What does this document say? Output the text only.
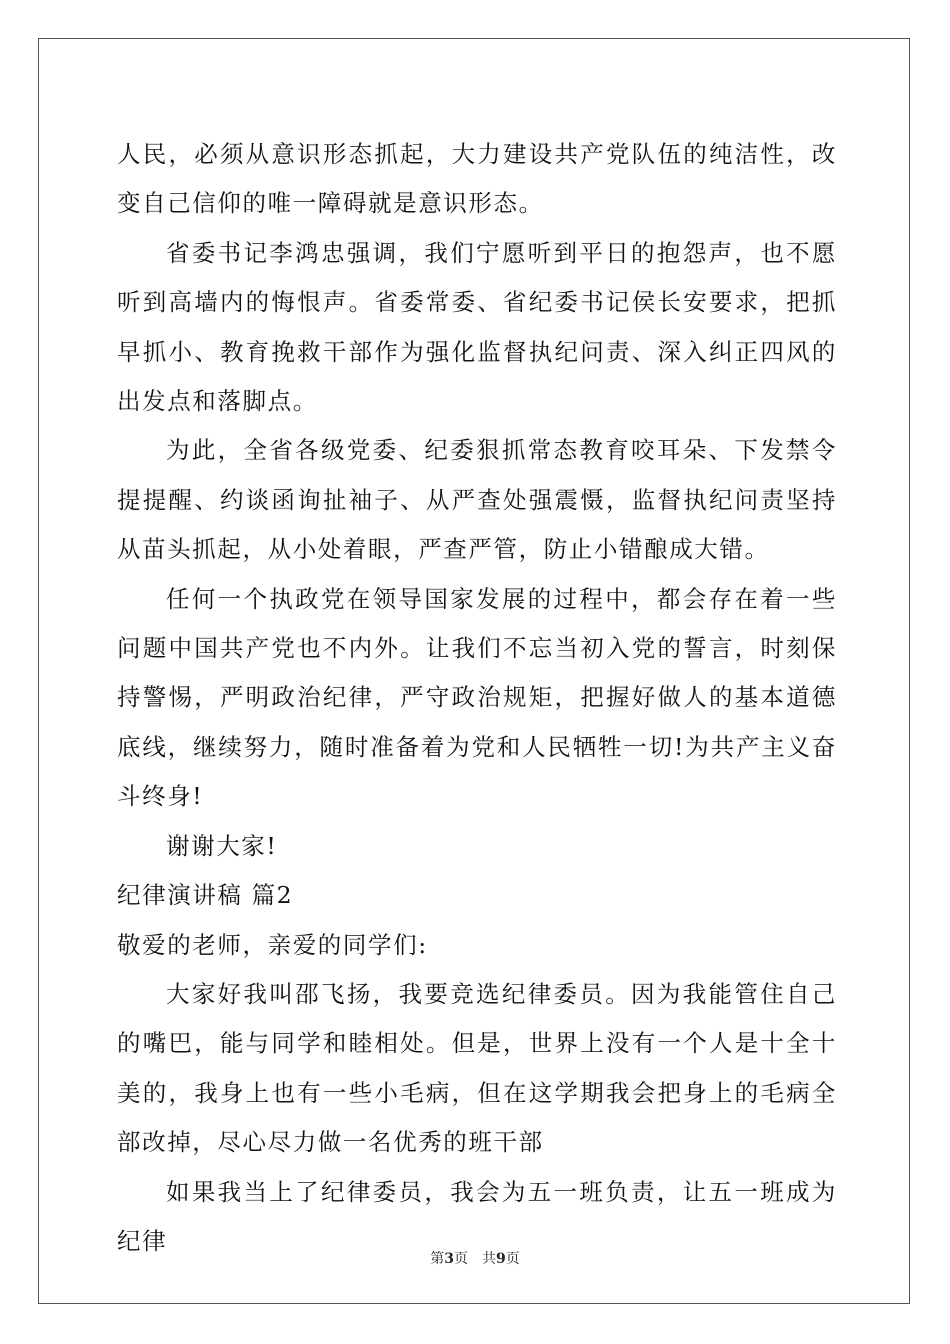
人民，必须从意识形态抓起，大力建设共产党队伍的纯洁性，改变自己信仰的唯一障碍就是意识形态。

省委书记李鸿忠强调，我们宁愿听到平日的抱怨声，也不愿听到高墙内的悔恨声。省委常委、省纪委书记侯长安要求，把抓早抓小、教育挽救干部作为强化监督执纪问责、深入纠正四风的出发点和落脚点。

为此，全省各级党委、纪委狠抓常态教育咬耳朵、下发禁令提提醒、约谈函询扯袖子、从严查处强震慑，监督执纪问责坚持从苗头抓起，从小处着眼，严查严管，防止小错酿成大错。

任何一个执政党在领导国家发展的过程中，都会存在着一些问题中国共产党也不内外。让我们不忘当初入党的誓言，时刻保持警惕，严明政治纪律，严守政治规矩，把握好做人的基本道德底线，继续努力，随时准备着为党和人民牺牲一切!为共产主义奋斗终身!

谢谢大家!

纪律演讲稿 篇2

敬爱的老师，亲爱的同学们:

大家好我叫邵飞扬，我要竞选纪律委员。因为我能管住自己的嘴巴，能与同学和睦相处。但是，世界上没有一个人是十全十美的，我身上也有一些小毛病，但在这学期我会把身上的毛病全部改掉，尽心尽力做一名优秀的班干部

如果我当上了纪律委员，我会为五一班负责，让五一班成为纪律

第3页　共9页
